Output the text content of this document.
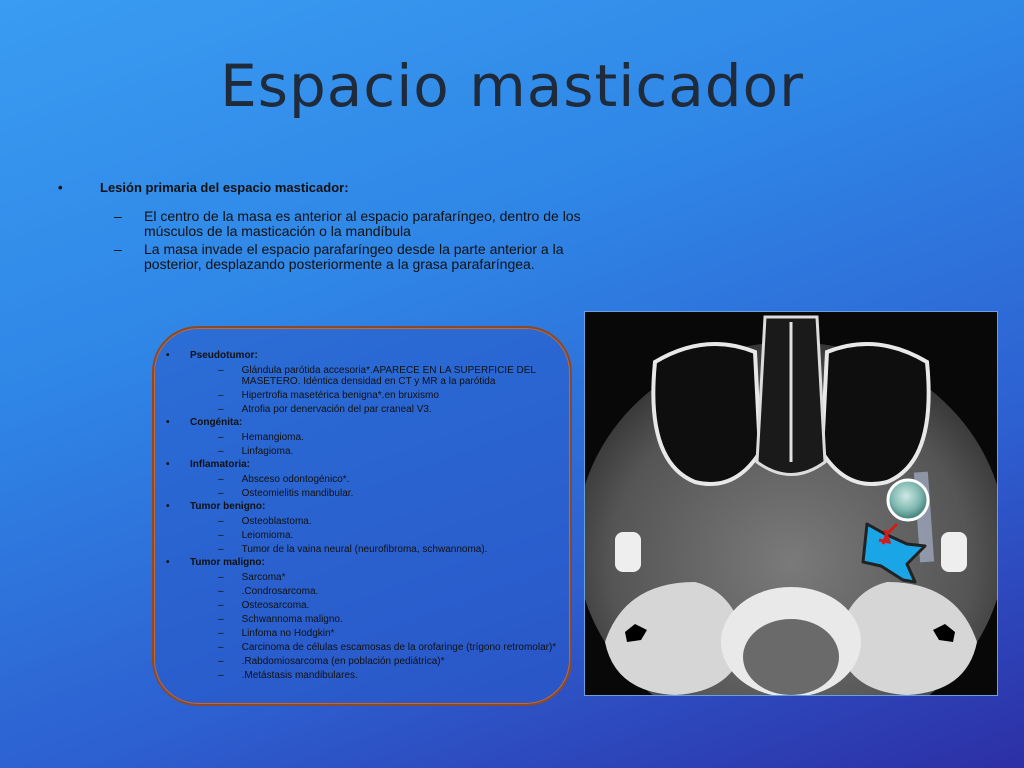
Espacio masticador
•	Lesión primaria del espacio masticador:
–	El centro de la masa es anterior al espacio parafaríngeo, dentro de los músculos de la masticación o la mandíbula
–	La masa invade el espacio parafaríngeo desde la parte anterior a la posterior, desplazando posteriormente a la grasa parafaríngea.
•	Pseudotumor:
–	Glándula parótida accesoria*.APARECE EN LA SUPERFICIE DEL MASETERO. Idéntica densidad en CT y MR a la parótida
–	Hipertrofia masetérica benigna*.en bruxismo
–	Atrofia por denervación del par craneal V3.
•	Congénita:
–	Hemangioma.
–	Linfagioma.
•	Inflamatoria:
–	Absceso odontogénico*.
–	Osteomielitis mandibular.
•	Tumor benigno:
–	Osteoblastoma.
–	Leiomioma.
–	Tumor de la vaina neural (neurofibroma, schwannoma).
•	Tumor maligno:
–	Sarcoma*
–	.Condrosarcoma.
–	Osteosarcoma.
–	Schwannoma maligno.
–	Linfoma no Hodgkin*
–	Carcinoma de células escamosas de la orofaringe (trígono retromolar)*
–	.Rabdomiosarcoma (en población pediátrica)*
–	.Metástasis mandibulares.
